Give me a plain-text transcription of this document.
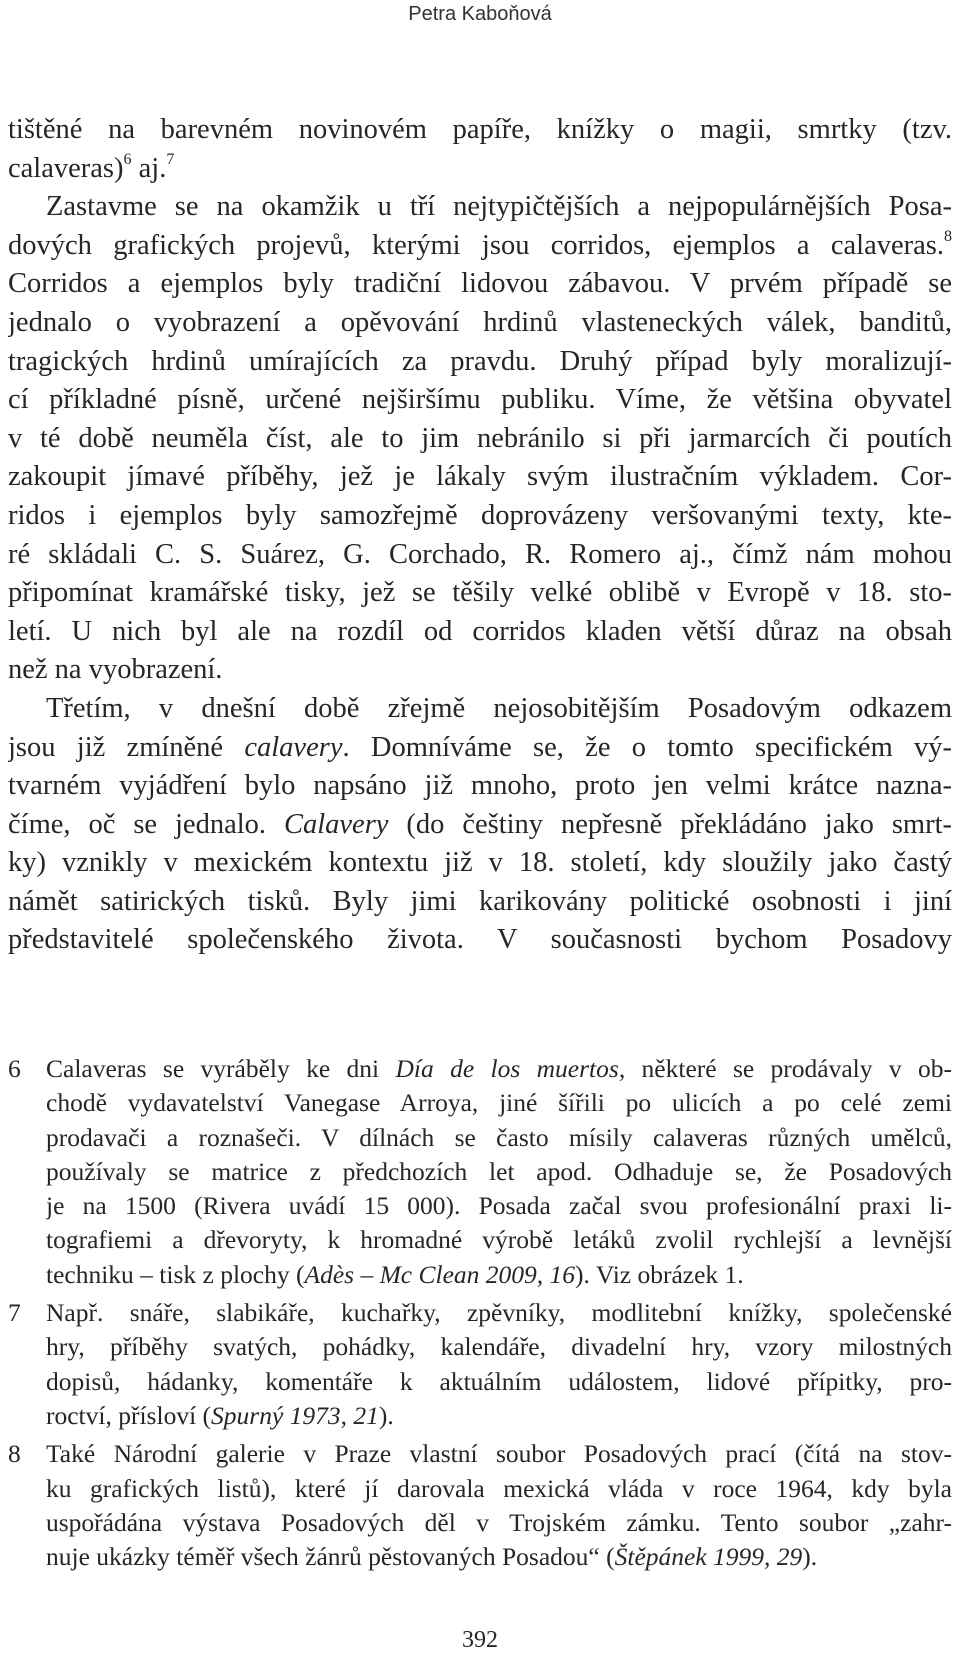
Petra Kaboňová
tištěné na barevném novinovém papíře, knížky o magii, smrtky (tzv.
calaveras)$^6$ aj.$^7$
Zastavme se na okamžik u tří nejtypičtějších a nejpopulárnějších Posa-
dových grafických projevů, kterými jsou corridos, ejemplos a calaveras.$^8$
Corridos a ejemplos byly tradiční lidovou zábavou. V prvém případě se
jednalo o vyobrazení a opěvování hrdinů vlasteneckých válek, banditů,
tragických hrdinů umírajících za pravdu. Druhý případ byly moralizují-
cí příkladné písně, určené nejširšímu publiku. Víme, že většina obyvatel
v té době neuměla číst, ale to jim nebránilo si při jarmarcích či poutích
zakoupit jímavé příběhy, jež je lákaly svým ilustračním výkladem. Cor-
ridos i ejemplos byly samozřejmě doprovázeny veršovanými texty, kte-
ré skládali C. S. Suárez, G. Corchado, R. Romero aj., čímž nám mohou
připomínat kramářské tisky, jež se těšily velké oblibě v Evropě v 18. sto-
letí. U nich byl ale na rozdíl od corridos kladen větší důraz na obsah
než na vyobrazení.
Třetím, v dnešní době zřejmě nejosobitějším Posadovým odkazem
jsou již zmíněné calavery. Domníváme se, že o tomto specifickém vý-
tvarném vyjádření bylo napsáno již mnoho, proto jen velmi krátce nazna-
číme, oč se jednalo. Calavery (do češtiny nepřesně překládáno jako smrt-
ky) vznikly v mexickém kontextu již v 18. století, kdy sloužily jako častý
námět satirických tisků. Byly jimi karikovány politické osobnosti i jiní
představitelé společenského života. V současnosti bychom Posadovy
6 Calaveras se vyráběly ke dni Día de los muertos, některé se prodávaly v ob-
chodě vydavatelství Vanegase Arroya, jiné šířili po ulicích a po celé zemi
prodavači a roznašeči. V dílnách se často mísily calaveras různých umělců,
používaly se matrice z předchozích let apod. Odhaduje se, že Posadových
je na 1500 (Rivera uvádí 15 000). Posada začal svou profesionální praxi li-
tografiemi a dřevoryty, k hromadné výrobě letáků zvolil rychlejší a levnější
techniku – tisk z plochy (Adès – Mc Clean 2009, 16). Viz obrázek 1.
7 Např. snáře, slabikáře, kuchařky, zpěvníky, modlitební knížky, společenské
hry, příběhy svatých, pohádky, kalendáře, divadelní hry, vzory milostných
dopisů, hádanky, komentáře k aktuálním událostem, lidové přípitky, pro-
roctví, přísloví (Spurný 1973, 21).
8 Také Národní galerie v Praze vlastní soubor Posadových prací (čítá na stov-
ku grafických listů), které jí darovala mexická vláda v roce 1964, kdy byla
uspořádána výstava Posadových děl v Trojském zámku. Tento soubor „zahr-
nuje ukázky téměř všech žánrů pěstovaných Posadou“ (Štěpánek 1999, 29).
392
